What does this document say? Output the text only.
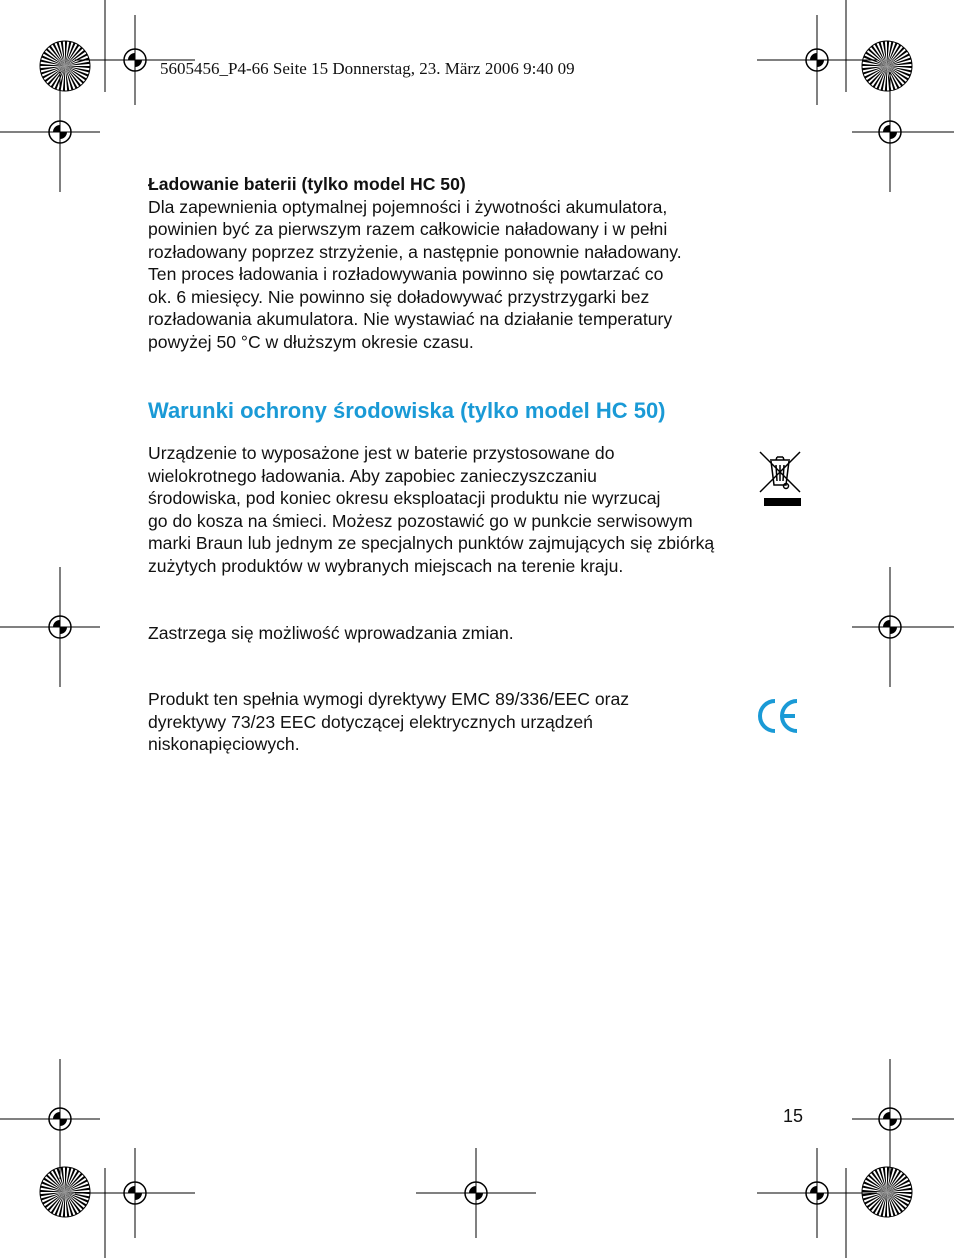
5605456_P4-66 Seite 15 Donnerstag, 23. März 2006 9:40 09

Ładowanie baterii (tylko model HC 50)

Dla zapewnienia optymalnej pojemności i żywotności akumulatora,

powinien być za pierwszym razem całkowicie naładowany i w pełni

rozładowany poprzez strzyżenie, a następnie ponownie naładowany.

Ten proces ładowania i rozładowywania powinno się powtarzać co

ok. 6 miesięcy. Nie powinno się doładowywać przystrzygarki bez

rozładowania akumulatora. Nie wystawiać na działanie temperatury

powyżej 50 °C w dłuższym okresie czasu.

Warunki ochrony środowiska (tylko model HC 50)

Urządzenie to wyposażone jest w baterie przystosowane do

wielokrotnego ładowania. Aby zapobiec zanieczyszczaniu

środowiska, pod koniec okresu eksploatacji produktu nie wyrzucaj

go do kosza na śmieci. Możesz pozostawić go w punkcie serwisowym

marki Braun lub jednym ze specjalnych punktów zajmujących się zbiórką

zużytych produktów w wybranych miejscach na terenie kraju.

Zastrzega się możliwość wprowadzania zmian.

Produkt ten spełnia wymogi dyrektywy EMC 89/336/EEC oraz

dyrektywy 73/23 EEC dotyczącej elektrycznych urządzeń

niskonapięciowych.

15
